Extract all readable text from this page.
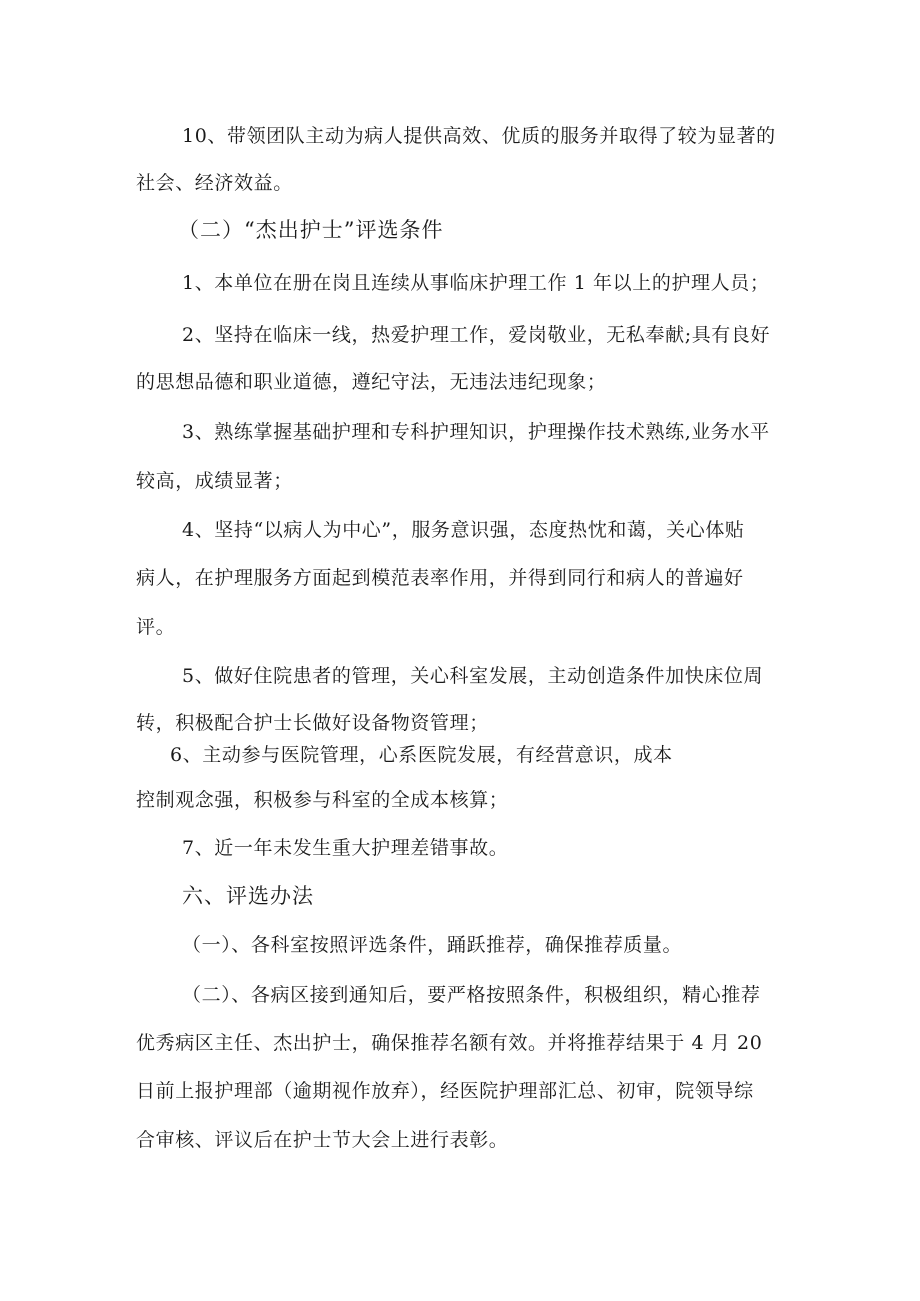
10、带领团队主动为病人提供高效、优质的服务并取得了较为显著的
社会、经济效益。
（二）“杰出护士”评选条件
1、本单位在册在岗且连续从事临床护理工作 1 年以上的护理人员；
2、坚持在临床一线，热爱护理工作，爱岗敬业，无私奉献;具有良好
的思想品德和职业道德，遵纪守法，无违法违纪现象；
3、熟练掌握基础护理和专科护理知识，护理操作技术熟练,业务水平
较高，成绩显著；
4、坚持“以病人为中心”，服务意识强，态度热忱和蔼，关心体贴
病人，在护理服务方面起到模范表率作用，并得到同行和病人的普遍好
评。
5、做好住院患者的管理，关心科室发展，主动创造条件加快床位周
转，积极配合护士长做好设备物资管理；
6、主动参与医院管理，心系医院发展，有经营意识，成本
控制观念强，积极参与科室的全成本核算；
7、近一年未发生重大护理差错事故。
六、评选办法
（一）、各科室按照评选条件，踊跃推荐，确保推荐质量。
（二）、各病区接到通知后，要严格按照条件，积极组织，精心推荐
优秀病区主任、杰出护士，确保推荐名额有效。并将推荐结果于 4 月 20
日前上报护理部（逾期视作放弃），经医院护理部汇总、初审，院领导综
合审核、评议后在护士节大会上进行表彰。
